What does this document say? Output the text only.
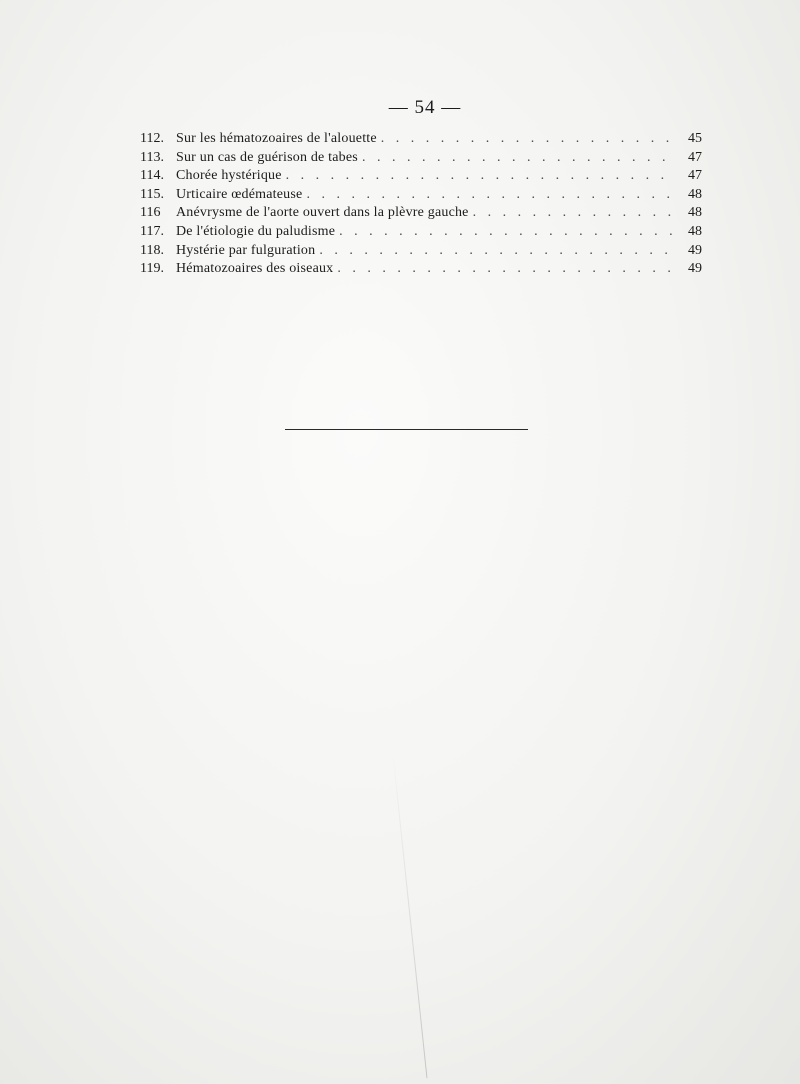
— 54 —
112. Sur les hématozoaires de l'alouette . . .	45
113. Sur un cas de guérison de tabes . . .	47
114. Chorée hystérique . . .	47
115. Urticaire œdémateuse . . .	48
116	Anévrysme de l'aorte ouvert dans la plèvre gauche . . .	48
117. De l'étiologie du paludisme . . .	48
118. Hystérie par fulguration . . .	49
119. Hématozoaires des oiseaux . . .	49
